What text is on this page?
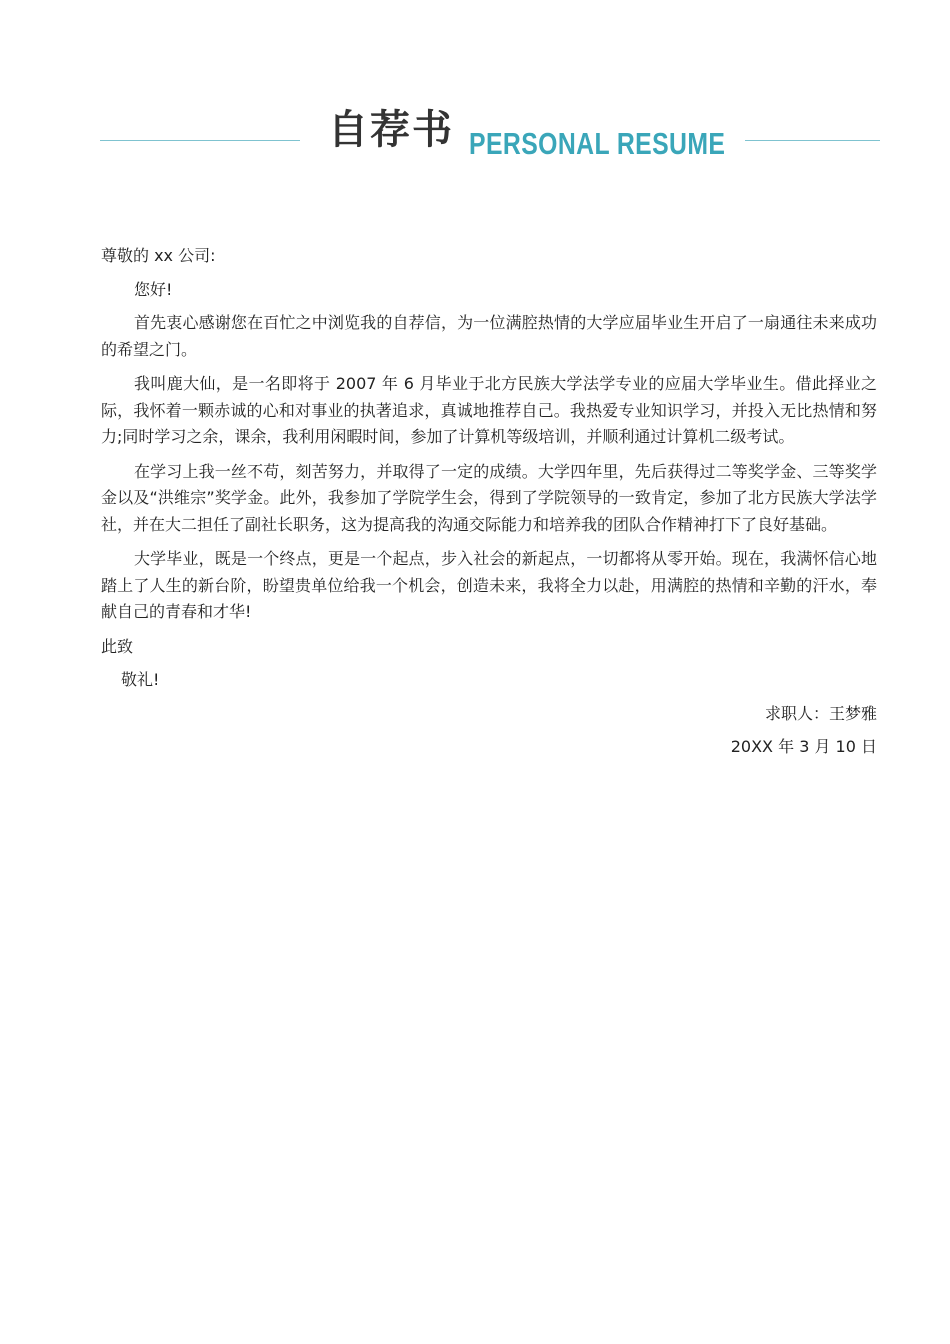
自荐书 PERSONAL RESUME

尊敬的 xx 公司:

您好!

首先衷心感谢您在百忙之中浏览我的自荐信，为一位满腔热情的大学应届毕业生开启了一扇通往未来成功的希望之门。

我叫鹿大仙，是一名即将于 2007 年 6 月毕业于北方民族大学法学专业的应届大学毕业生。借此择业之际，我怀着一颗赤诚的心和对事业的执著追求，真诚地推荐自己。我热爱专业知识学习，并投入无比热情和努力;同时学习之余，课余，我利用闲暇时间，参加了计算机等级培训，并顺利通过计算机二级考试。

在学习上我一丝不苟，刻苦努力，并取得了一定的成绩。大学四年里，先后获得过二等奖学金、三等奖学金以及“洪维宗”奖学金。此外，我参加了学院学生会，得到了学院领导的一致肯定，参加了北方民族大学法学社，并在大二担任了副社长职务，这为提高我的沟通交际能力和培养我的团队合作精神打下了良好基础。

大学毕业，既是一个终点，更是一个起点，步入社会的新起点，一切都将从零开始。现在，我满怀信心地踏上了人生的新台阶，盼望贵单位给我一个机会，创造未来，我将全力以赴，用满腔的热情和辛勤的汗水，奉献自己的青春和才华!

此致

敬礼!

求职人：王梦雅

20XX 年 3 月 10 日
